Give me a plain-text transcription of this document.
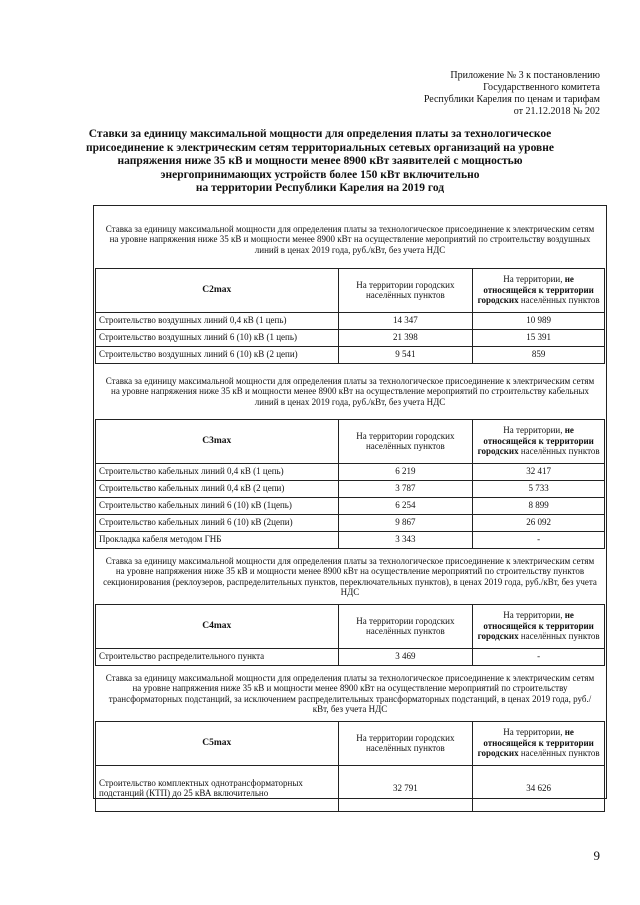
Приложение № 3 к постановлению
Государственного комитета
Республики Карелия по ценам и тарифам
от 21.12.2018 № 202
Ставки за единицу максимальной мощности для определения платы за технологическое
присоединение к электрическим сетям территориальных сетевых организаций на уровне
напряжения ниже 35 кВ и мощности менее 8900 кВт заявителей с мощностью
энергопринимающих устройств более 150 кВт включительно
на территории Республики Карелия на 2019 год
Ставка за единицу максимальной мощности для определения платы за технологическое присоединение к электрическим сетям на уровне напряжения ниже 35 кВ и мощности менее 8900 кВт на осуществление мероприятий по строительству воздушных линий в ценах 2019 года, руб./кВт, без учета НДС		
C2max	На территории городских населённых пунктов	На территории, не относящейся к территории городских населённых пунктов
Строительство воздушных линий 0,4 кВ (1 цепь)	14 347	10 989
Строительство воздушных линий 6 (10) кВ (1 цепь)	21 398	15 391
Строительство воздушных линий 6 (10) кВ (2 цепи)	9 541	859
Ставка за единицу максимальной мощности для определения платы за технологическое присоединение к электрическим сетям на уровне напряжения ниже 35 кВ и мощности менее 8900 кВт на осуществление мероприятий по строительству кабельных линий в ценах 2019 года, руб./кВт, без учета НДС		
C3max	На территории городских населённых пунктов	На территории, не относящейся к территории городских населённых пунктов
Строительство кабельных линий 0,4 кВ (1 цепь)	6 219	32 417
Строительство кабельных линий 0,4 кВ (2 цепи)	3 787	5 733
Строительство кабельных линий 6 (10) кВ (1цепь)	6 254	8 899
Строительство кабельных линий 6 (10) кВ (2цепи)	9 867	26 092
Прокладка кабеля методом ГНБ	3 343	-
Ставка за единицу максимальной мощности для определения платы за технологическое присоединение к электрическим сетям на уровне напряжения ниже 35 кВ и мощности менее 8900 кВт на осуществление мероприятий по строительству пунктов секционирования (реклоузеров, распределительных пунктов, переключательных пунктов), в ценах 2019 года, руб./кВт, без учета НДС		
C4max	На территории городских населённых пунктов	На территории, не относящейся к территории городских населённых пунктов
Строительство распределительного пункта	3 469	-
Ставка за единицу максимальной мощности для определения платы за технологическое присоединение к электрическим сетям на уровне напряжения ниже 35 кВ и мощности менее 8900 кВт на осуществление мероприятий по строительству трансформаторных подстанций, за исключением распределительных трансформаторных подстанций, в ценах 2019 года, руб./кВт, без учета НДС		
C5max	На территории городских населённых пунктов	На территории, не относящейся к территории городских населённых пунктов
Строительство комплектных однотрансформаторных подстанций (КТП) до 25 кВА включительно	32 791	34 626
9
